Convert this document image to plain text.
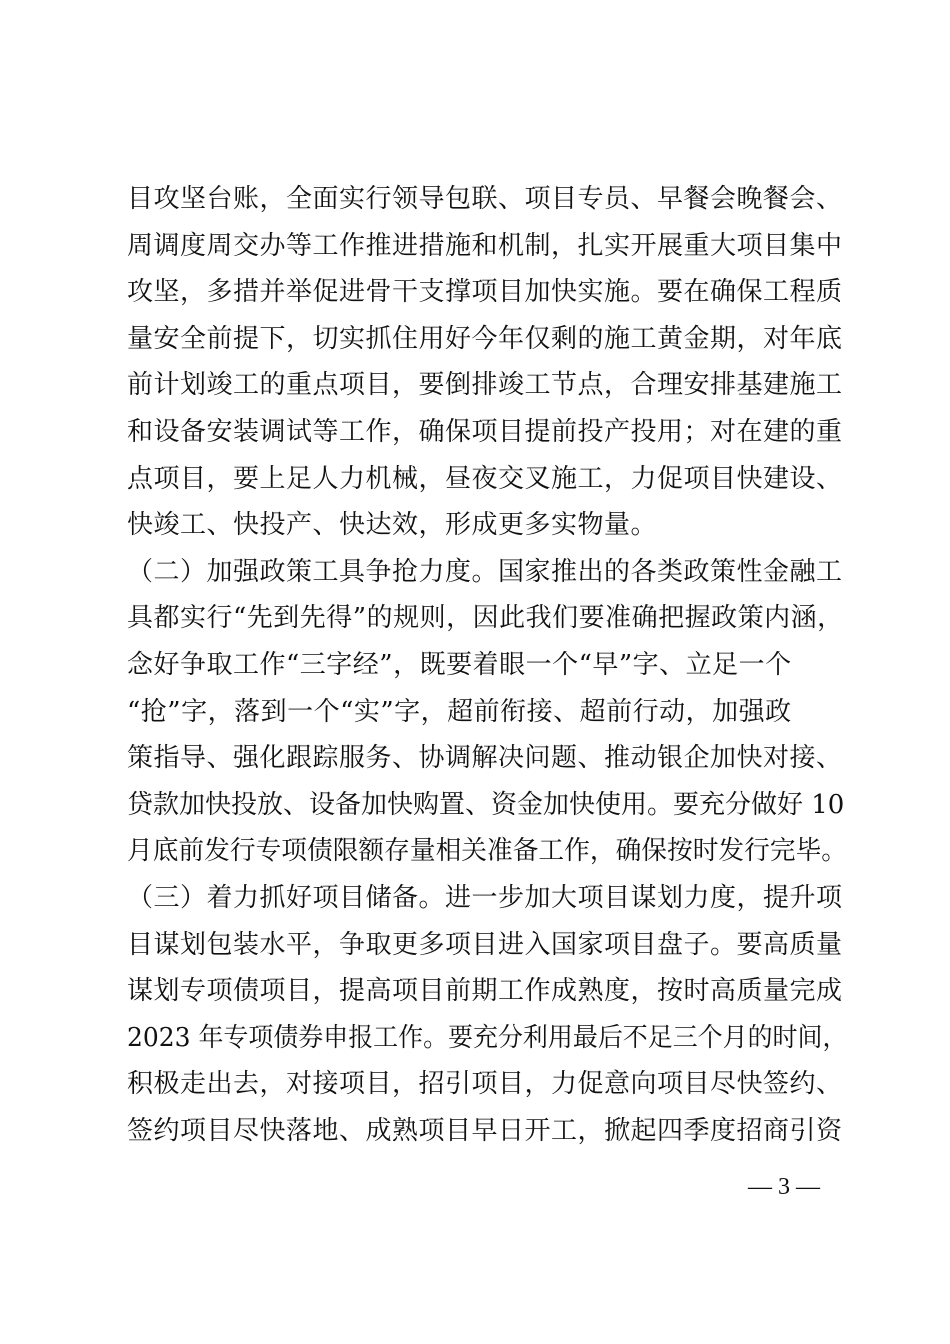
目攻坚台账，全面实行领导包联、项目专员、早餐会晚餐会、
周调度周交办等工作推进措施和机制，扎实开展重大项目集中
攻坚，多措并举促进骨干支撑项目加快实施。要在确保工程质
量安全前提下，切实抓住用好今年仅剩的施工黄金期，对年底
前计划竣工的重点项目，要倒排竣工节点，合理安排基建施工
和设备安装调试等工作，确保项目提前投产投用；对在建的重
点项目，要上足人力机械，昼夜交叉施工，力促项目快建设、
快竣工、快投产、快达效，形成更多实物量。
（二）加强政策工具争抢力度。国家推出的各类政策性金融工
具都实行“先到先得”的规则，因此我们要准确把握政策内涵，
念好争取工作“三字经”，既要着眼一个“早”字、立足一个
“抢”字，落到一个“实”字，超前衔接、超前行动，加强政
策指导、强化跟踪服务、协调解决问题、推动银企加快对接、
贷款加快投放、设备加快购置、资金加快使用。要充分做好 10
月底前发行专项债限额存量相关准备工作，确保按时发行完毕。
（三）着力抓好项目储备。进一步加大项目谋划力度，提升项
目谋划包装水平，争取更多项目进入国家项目盘子。要高质量
谋划专项债项目，提高项目前期工作成熟度，按时高质量完成
2023 年专项债券申报工作。要充分利用最后不足三个月的时间，
积极走出去，对接项目，招引项目，力促意向项目尽快签约、
签约项目尽快落地、成熟项目早日开工，掀起四季度招商引资
— 3 —
